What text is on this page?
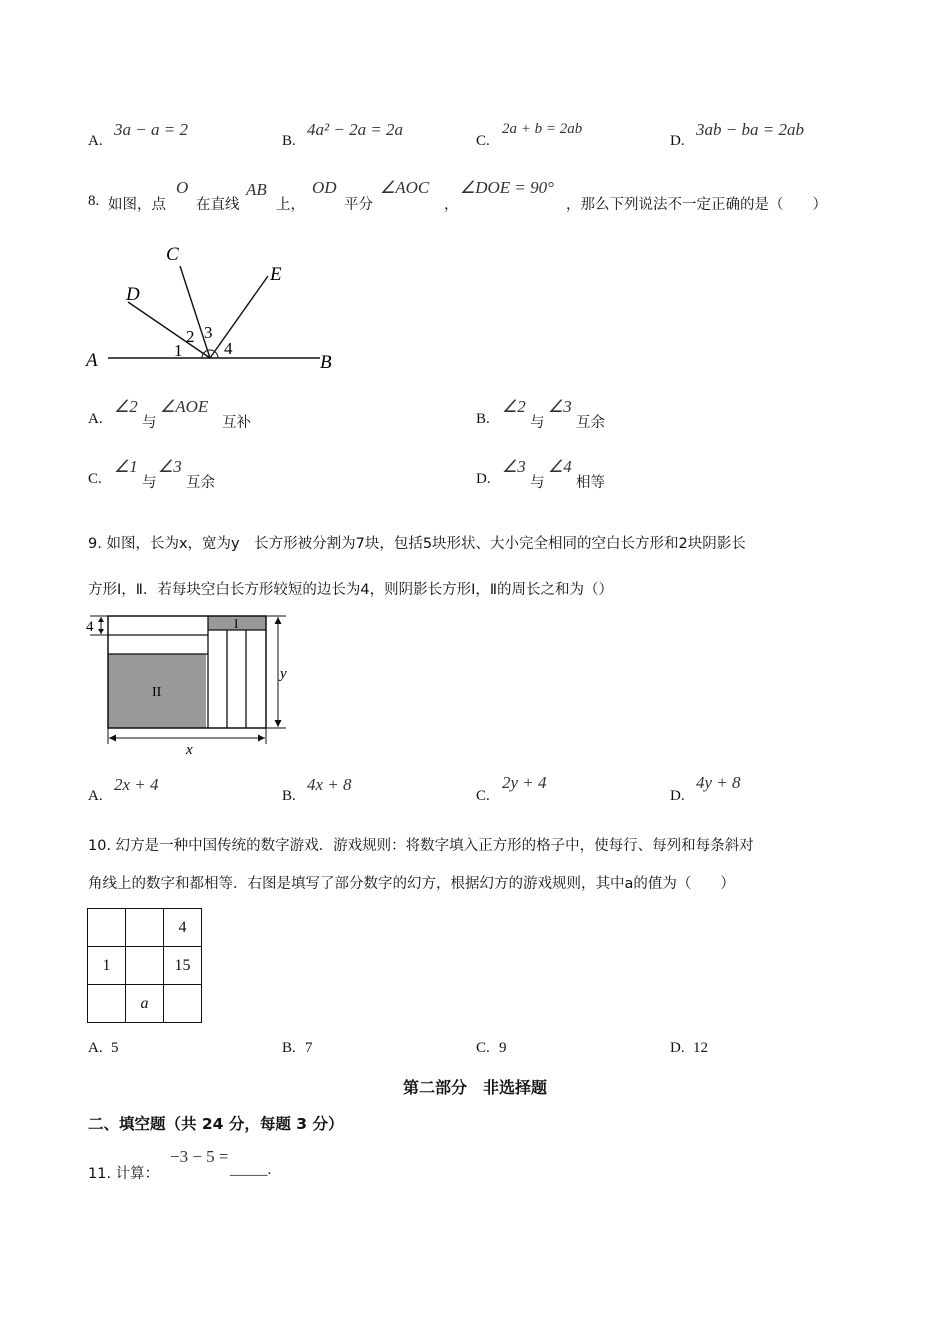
A.
3a − a = 2
B.
4a² − 2a = 2a
C.
2a + b = 2ab
D.
3ab − ba = 2ab
8. 如图，点
O
在直线
AB
上，
OD
平分
∠AOC
，
∠DOE = 90°
，那么下列说法不一定正确的是（　　）
A	B
C
D
E
1
2 3
4
A.
∠2
与
∠AOE
互补	B.
∠2
与
∠3
互余
C.
∠1
与
∠3
互余	D.
∠3
与
∠4
相等
9. 如图，长为x，宽为y　长方形被分割为7块，包括5块形状、大小完全相同的空白长方形和2块阴影长
方形Ⅰ，Ⅱ．若每块空白长方形较短的边长为4，则阴影长方形Ⅰ，Ⅱ的周长之和为（）
4
y
x
II
I
A.
2x + 4
B.
4x + 8
C.
2y + 4
D.
4y + 8
10. 幻方是一种中国传统的数字游戏．游戏规则：将数字填入正方形的格子中，使每行、每列和每条斜对
角线上的数字和都相等．右图是填写了部分数字的幻方，根据幻方的游戏规则，其中a的值为（　　）
		4
1		15
	a	
A. 5	B. 7	C. 9	D. 12
第二部分　非选择题
二、填空题（共 24 分，每题 3 分）
11. 计算：
−3 − 5 =
_____.
